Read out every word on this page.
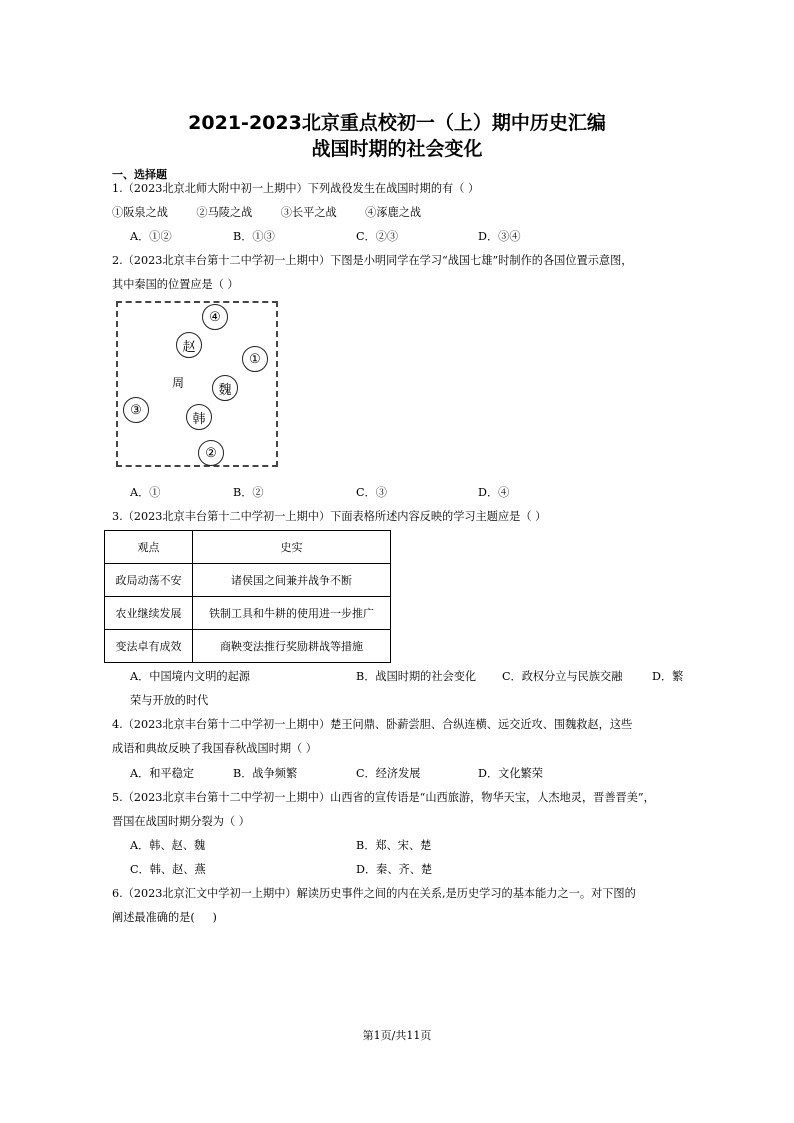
2021-2023北京重点校初一（上）期中历史汇编
战国时期的社会变化
一、选择题
1.（2023北京北师大附中初一上期中）下列战役发生在战国时期的有（ ）
①阪泉之战        ②马陵之战        ③长平之战        ④涿鹿之战
A．①②	B．①③	C．②③	D．③④
2.（2023北京丰台第十二中学初一上期中）下图是小明同学在学习“战国七雄”时制作的各国位置示意图，
其中秦国的位置应是（ ）
④
赵
①
周	魏
③
韩
②
A．①	B．②	C．③	D．④
3.（2023北京丰台第十二中学初一上期中）下面表格所述内容反映的学习主题应是（ ）
观点	史实
政局动荡不安	诸侯国之间兼并战争不断
农业继续发展	铁制工具和牛耕的使用进一步推广
变法卓有成效	商鞅变法推行奖励耕战等措施
A．中国境内文明的起源	B．战国时期的社会变化 C．政权分立与民族交融	D．繁
荣与开放的时代
4.（2023北京丰台第十二中学初一上期中）楚王问鼎、卧薪尝胆、合纵连横、远交近攻、围魏救赵，这些
成语和典故反映了我国春秋战国时期（ ）
A．和平稳定	B．战争频繁	C．经济发展	D．文化繁荣
5.（2023北京丰台第十二中学初一上期中）山西省的宣传语是“山西旅游，物华天宝，人杰地灵，晋善晋美”，
晋国在战国时期分裂为（ ）
A．韩、赵、魏	B．郑、宋、楚
C．韩、赵、燕	D．秦、齐、楚
6.（2023北京汇文中学初一上期中）解读历史事件之间的内在关系,是历史学习的基本能力之一。对下图的
阐述最准确的是(     )
第1页/共11页
